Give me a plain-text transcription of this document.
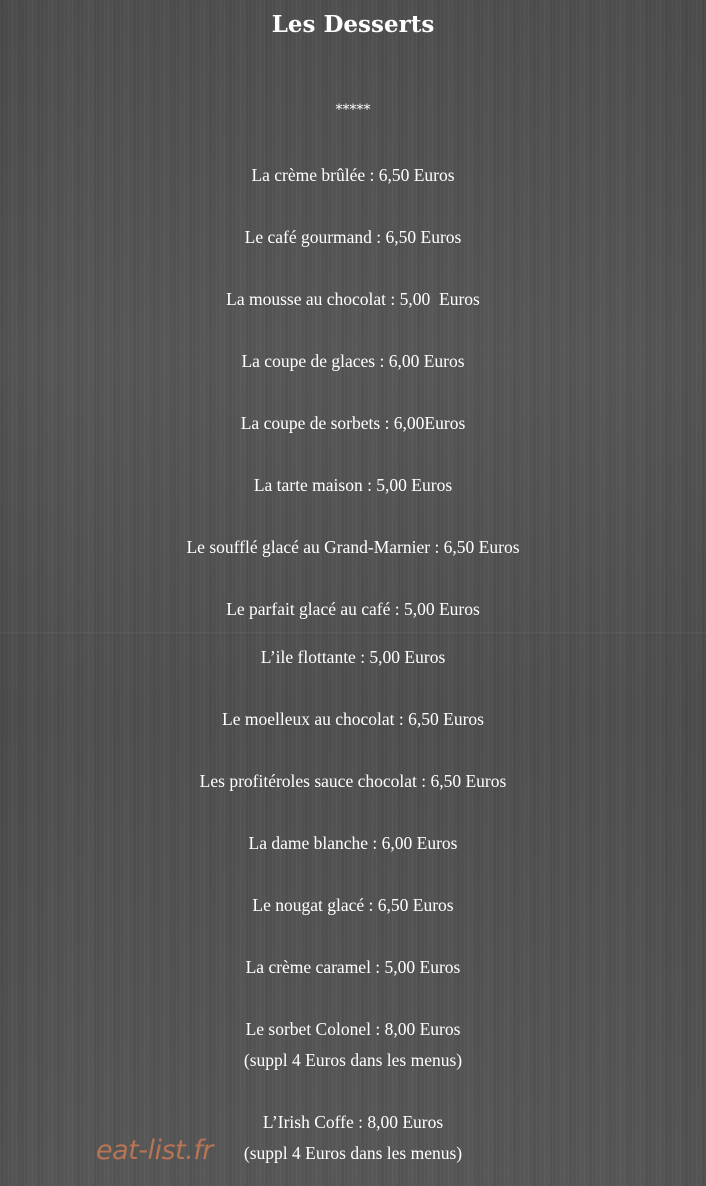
Les Desserts
*****
La crème brûlée : 6,50 Euros
Le café gourmand : 6,50 Euros
La mousse au chocolat : 5,00  Euros
La coupe de glaces : 6,00 Euros
La coupe de sorbets : 6,00Euros
La tarte maison : 5,00 Euros
Le soufflé glacé au Grand-Marnier : 6,50 Euros
Le parfait glacé au café : 5,00 Euros
L’ile flottante : 5,00 Euros
Le moelleux au chocolat : 6,50 Euros
Les profitéroles sauce chocolat : 6,50 Euros
La dame blanche : 6,00 Euros
Le nougat glacé : 6,50 Euros
La crème caramel : 5,00 Euros
Le sorbet Colonel : 8,00 Euros
(suppl 4 Euros dans les menus)
L’Irish Coffe : 8,00 Euros
(suppl 4 Euros dans les menus)
eat-list.fr
